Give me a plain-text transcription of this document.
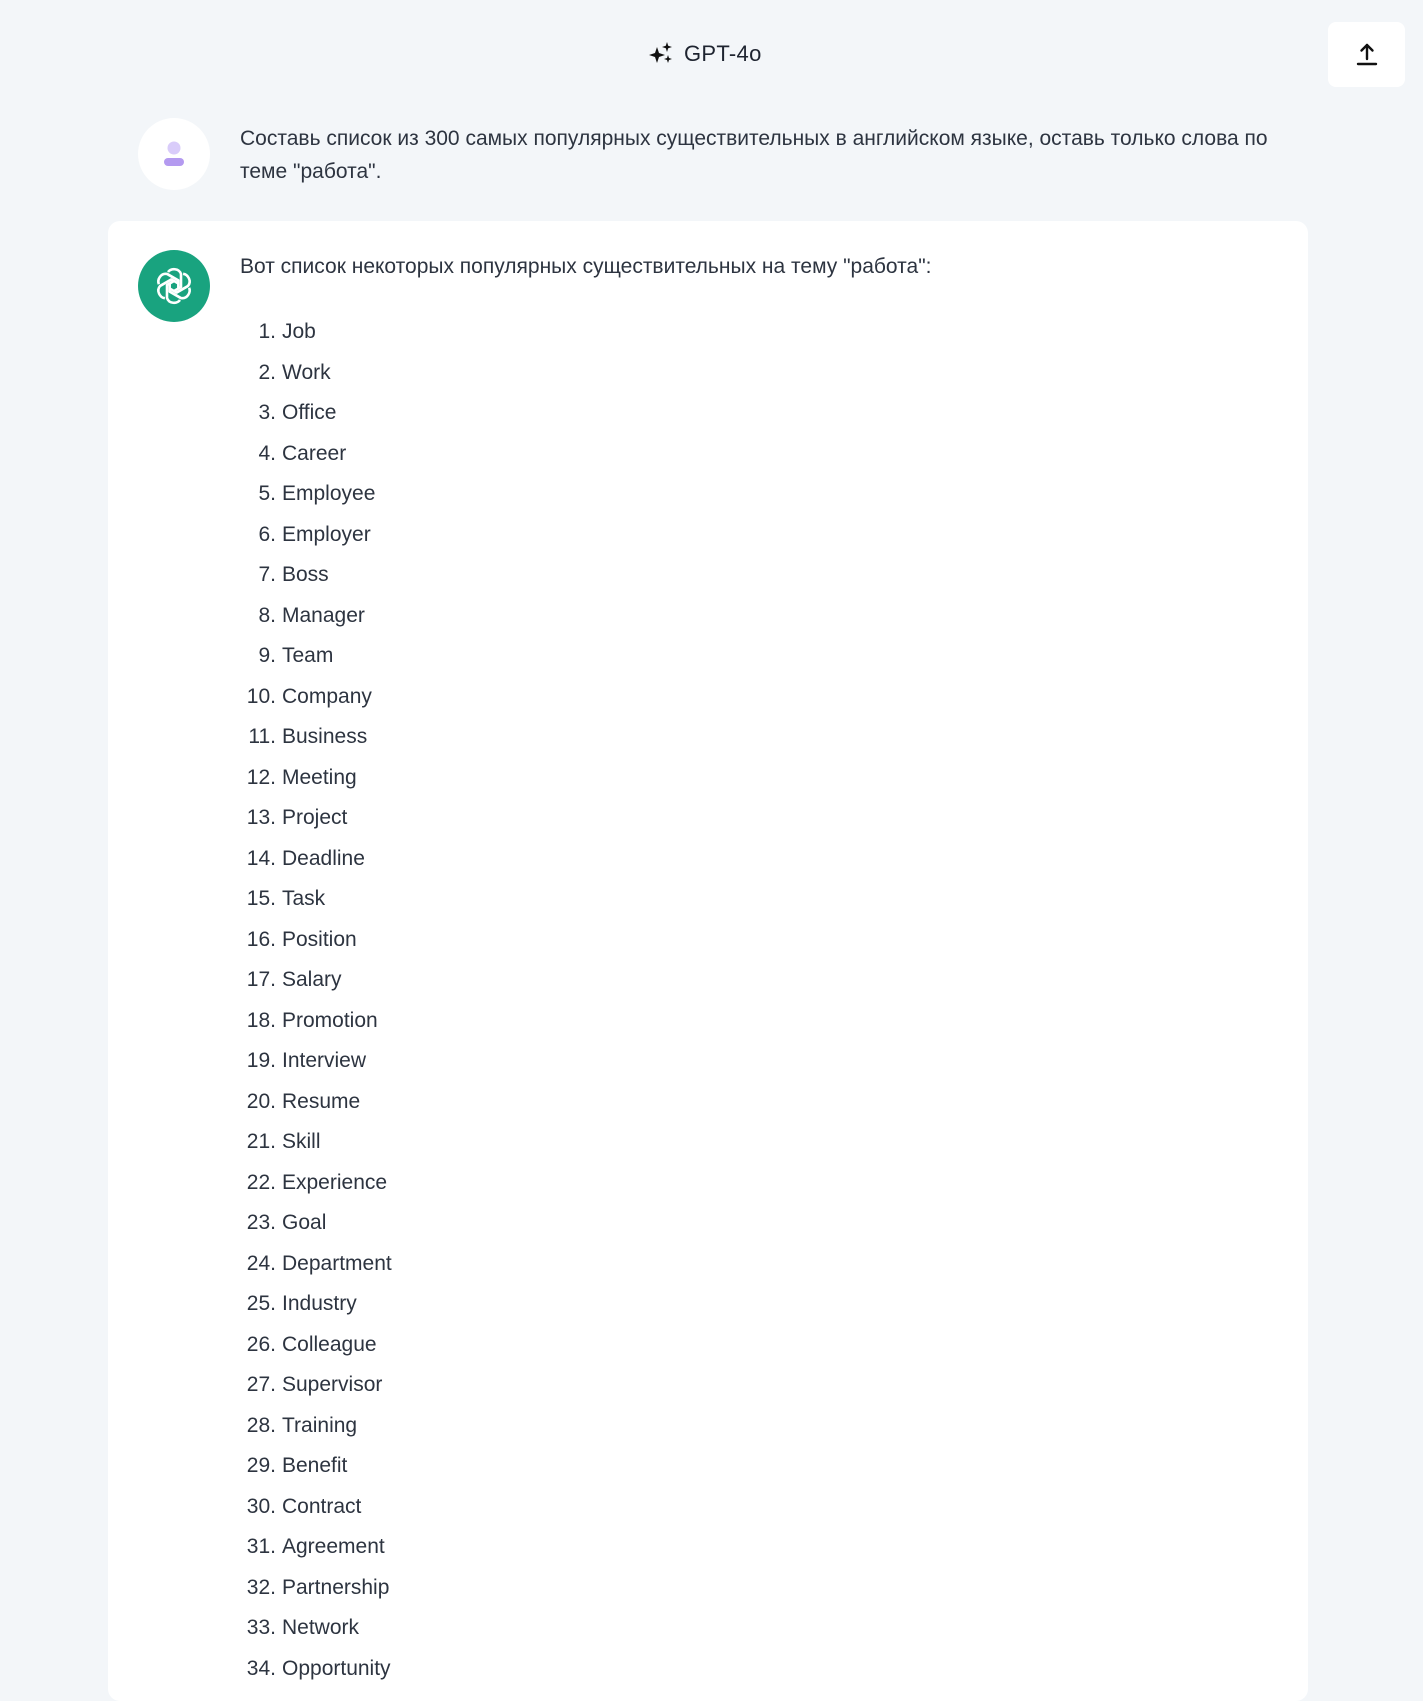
GPT-4o
Составь список из 300 самых популярных существительных в английском языке, оставь только слова по теме "работа".
Вот список некоторых популярных существительных на тему "работа":
1. Job
2. Work
3. Office
4. Career
5. Employee
6. Employer
7. Boss
8. Manager
9. Team
10. Company
11. Business
12. Meeting
13. Project
14. Deadline
15. Task
16. Position
17. Salary
18. Promotion
19. Interview
20. Resume
21. Skill
22. Experience
23. Goal
24. Department
25. Industry
26. Colleague
27. Supervisor
28. Training
29. Benefit
30. Contract
31. Agreement
32. Partnership
33. Network
34. Opportunity
